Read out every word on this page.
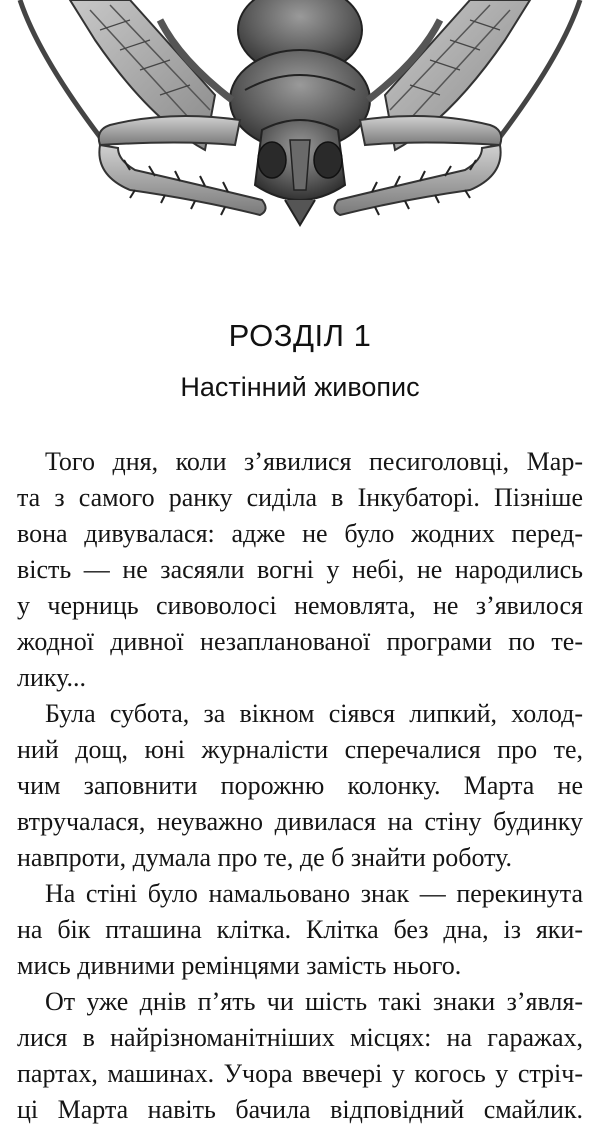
РОЗДІЛ 1
Настінний живопис
Того дня, коли з’явилися песиголовці, Мар-
та з самого ранку сиділа в Інкубаторі. Пізніше
вона дивувалася: адже не було жодних перед-
вість — не засяяли вогні у небі, не народились
у черниць сивоволосі немовлята, не з’явилося
жодної дивної незапланованої програми по те-
лику...
Була субота, за вікном сіявся липкий, холод-
ний дощ, юні журналісти сперечалися про те,
чим заповнити порожню колонку. Марта не
втручалася, неуважно дивилася на стіну будинку
навпроти, думала про те, де б знайти роботу.
На стіні було намальовано знак — перекинута
на бік пташина клітка. Клітка без дна, із яки-
мись дивними ремінцями замість нього.
От уже днів п’ять чи шість такі знаки з’явля-
лися в найрізноманітніших місцях: на гаражах,
партах, машинах. Учора ввечері у когось у стріч-
ці Марта навіть бачила відповідний смайлик.
